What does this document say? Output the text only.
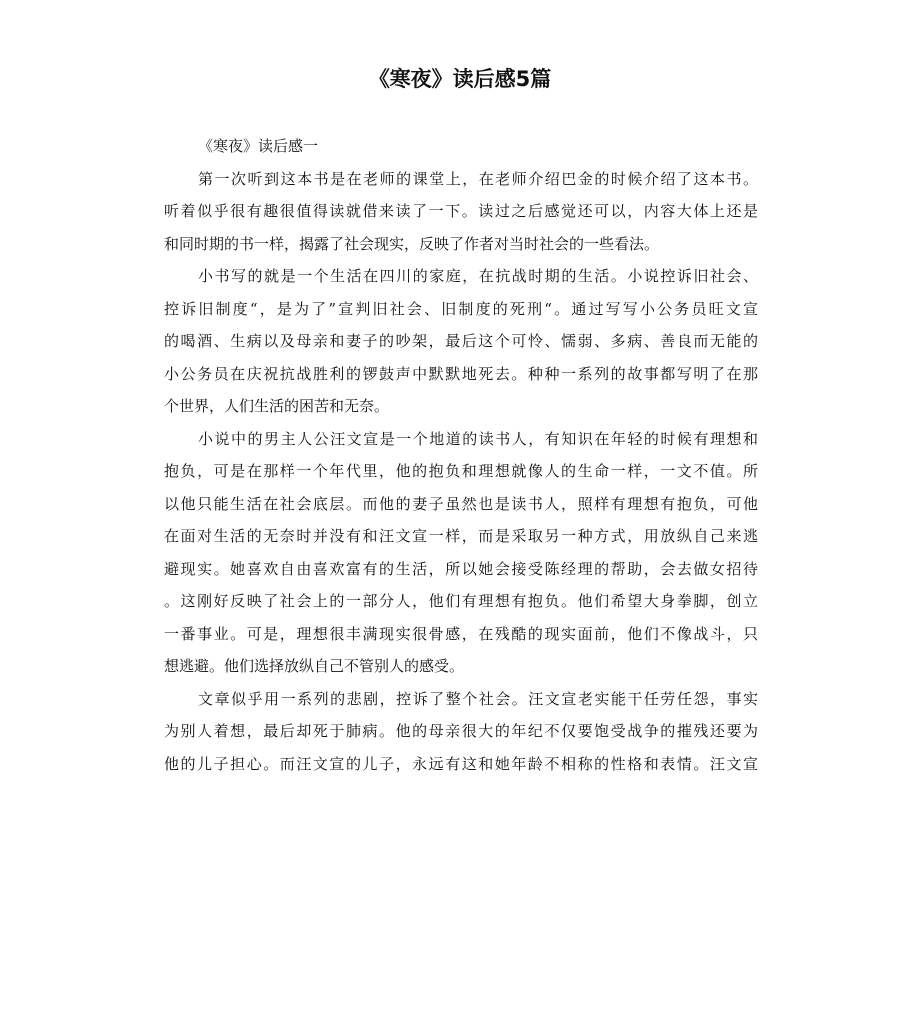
《寒夜》读后感5篇
《寒夜》读后感一
第一次听到这本书是在老师的课堂上，在老师介绍巴金的时候介绍了这本书。
听着似乎很有趣很值得读就借来读了一下。读过之后感觉还可以，内容大体上还是
和同时期的书一样，揭露了社会现实，反映了作者对当时社会的一些看法。
小书写的就是一个生活在四川的家庭，在抗战时期的生活。小说控诉旧社会、
控诉旧制度“，是为了”宣判旧社会、旧制度的死刑“。通过写写小公务员旺文宣
的喝酒、生病以及母亲和妻子的吵架，最后这个可怜、懦弱、多病、善良而无能的
小公务员在庆祝抗战胜利的锣鼓声中默默地死去。种种一系列的故事都写明了在那
个世界，人们生活的困苦和无奈。
小说中的男主人公汪文宣是一个地道的读书人，有知识在年轻的时候有理想和
抱负，可是在那样一个年代里，他的抱负和理想就像人的生命一样，一文不值。所
以他只能生活在社会底层。而他的妻子虽然也是读书人，照样有理想有抱负，可他
在面对生活的无奈时并没有和汪文宣一样，而是采取另一种方式，用放纵自己来逃
避现实。她喜欢自由喜欢富有的生活，所以她会接受陈经理的帮助，会去做女招待
。这刚好反映了社会上的一部分人，他们有理想有抱负。他们希望大身拳脚，创立
一番事业。可是，理想很丰满现实很骨感，在残酷的现实面前，他们不像战斗，只
想逃避。他们选择放纵自己不管别人的感受。
文章似乎用一系列的悲剧，控诉了整个社会。汪文宣老实能干任劳任怨，事实
为别人着想，最后却死于肺病。他的母亲很大的年纪不仅要饱受战争的摧残还要为
他的儿子担心。而汪文宣的儿子，永远有这和她年龄不相称的性格和表情。汪文宣
